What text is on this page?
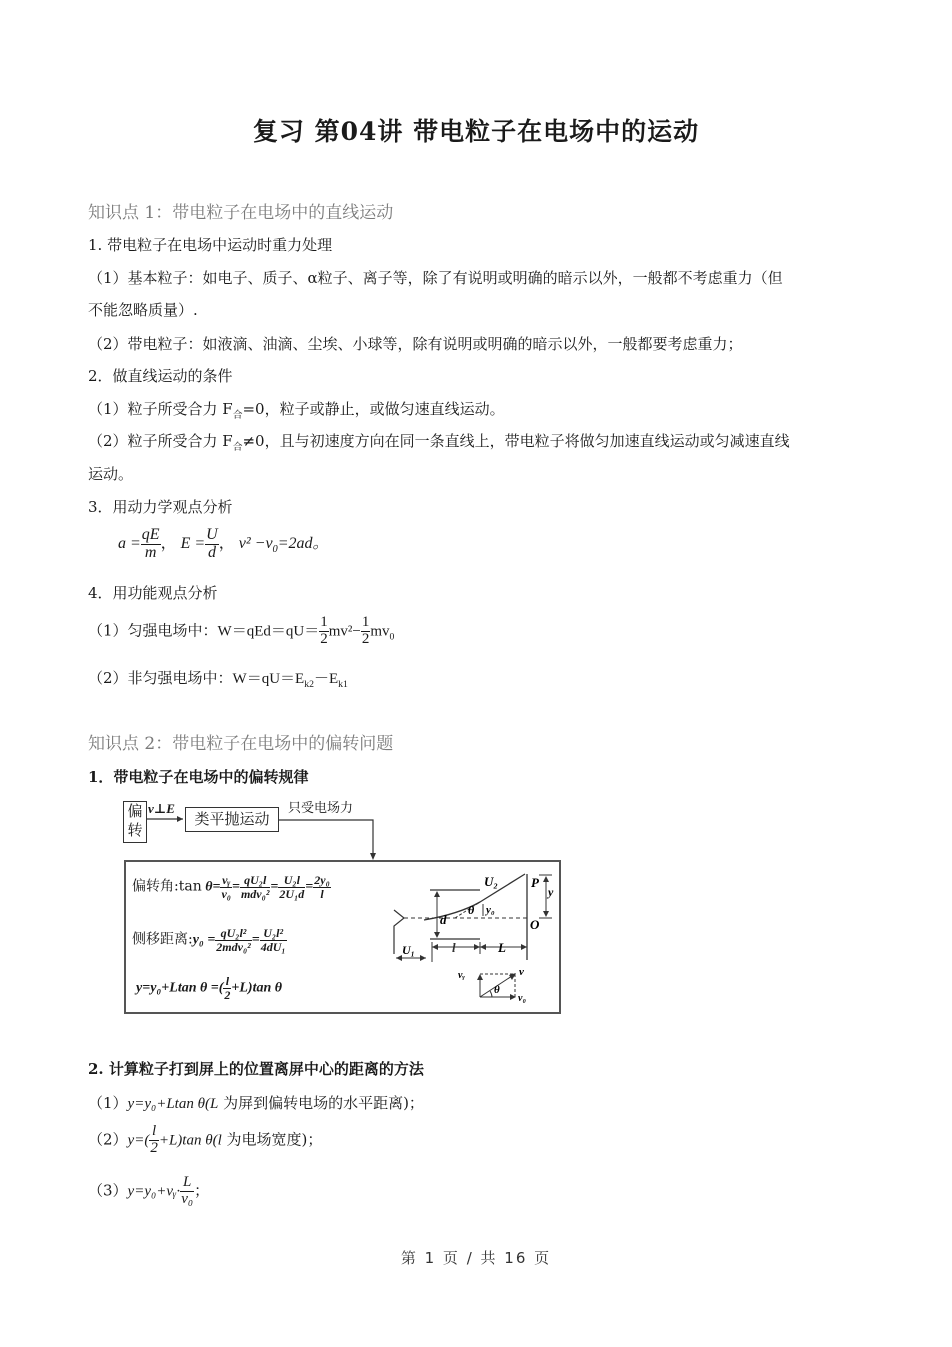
复习 第04讲 带电粒子在电场中的运动
知识点 1：带电粒子在电场中的直线运动
1. 带电粒子在电场中运动时重力处理
（1）基本粒子：如电子、质子、α粒子、离子等，除了有说明或明确的暗示以外，一般都不考虑重力（但
不能忽略质量）.
（2）带电粒子：如液滴、油滴、尘埃、小球等，除有说明或明确的暗示以外，一般都要考虑重力；
2．做直线运动的条件
（1）粒子所受合力 $F_合=0$，粒子或静止，或做匀速直线运动。
（2）粒子所受合力 $F_合\ne 0$，且与初速度方向在同一条直线上，带电粒子将做匀加速直线运动或匀减速直线
运动。
3．用动力学观点分析
$a = \frac{qE}{m}$ ， $E = \frac{U}{d}$ ， $v^2 -v_0=2ad$。
4．用功能观点分析
（1）匀强电场中：$W=qEd=qU= \frac{1}{2} mv^2- \frac{1}{2} mv_0$
（2）非匀强电场中：$W=qU=E_{k2}-E_{k1}$
知识点 2：带电粒子在电场中的偏转问题
1．带电粒子在电场中的偏转规律
偏
转
v⊥E
类平抛运动
只受电场力
偏转角:tan $\theta= \frac{\text{vᵧ}}{\text{v₀}} = \frac{\text{qU₂l}}{\text{mdv₀²}} = \frac{\text{U₂l}}{\text{2U₁d}} = \frac{\text{2y₀}}{l}$
侧移距离:y₀ = $\frac{\text{qU₂l²}}{\text{2mdv₀²}} = \frac{\text{U₂l²}}{\text{4dU₁}}$
y=y₀+Ltan θ =( $\frac{l}{2} +L)\tan$ θ
U₂	P
y
θ y₀
d	O
U₁	l	L
vᵧ	v
θ
v₀
2. 计算粒子打到屏上的位置离屏中心的距离的方法
（1）y=y₀+Ltan θ(L 为屏到偏转电场的水平距离)；
$(2)y=( \frac{l}{2} +L)\tan$ θ(l 为电场宽度)；
（3）y=y₀+vᵧ· $\frac{L}{\text{v₀}}$ ；
第 1 页 / 共 16 页
